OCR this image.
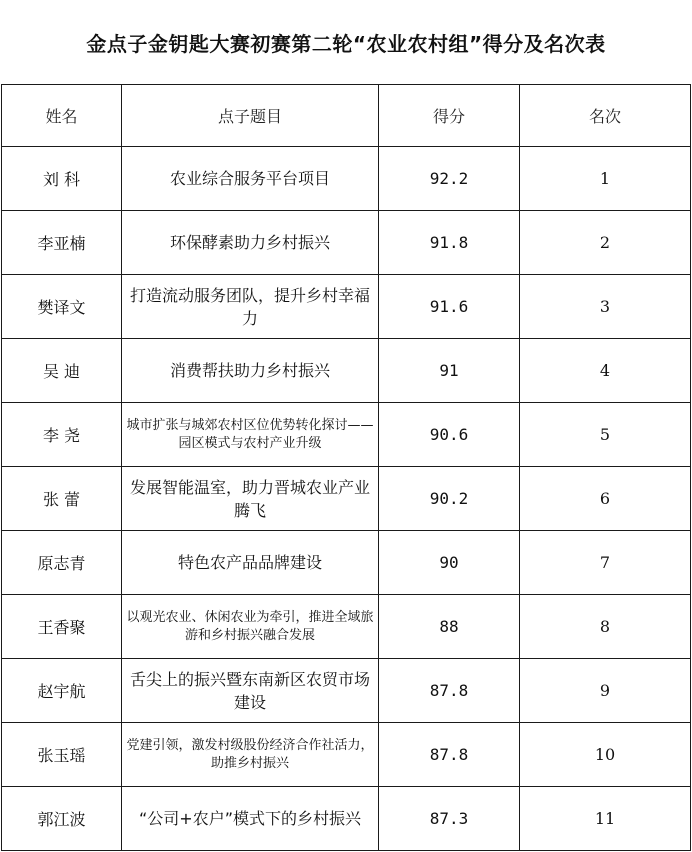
金点子金钥匙大赛初赛第二轮“农业农村组”得分及名次表
姓名	点子题目	得分	名次
刘 科	农业综合服务平台项目	92.2	1
李亚楠	环保酵素助力乡村振兴	91.8	2
樊译文	打造流动服务团队，提升乡村幸福力	91.6	3
吴 迪	消费帮扶助力乡村振兴	91	4
李 尧	城市扩张与城郊农村区位优势转化探讨——园区模式与农村产业升级	90.6	5
张 蕾	发展智能温室，助力晋城农业产业腾飞	90.2	6
原志青	特色农产品品牌建设	90	7
王香聚	以观光农业、休闲农业为牵引，推进全域旅游和乡村振兴融合发展	88	8
赵宇航	舌尖上的振兴暨东南新区农贸市场建设	87.8	9
张玉瑶	党建引领，激发村级股份经济合作社活力，助推乡村振兴	87.8	10
郭江波	“公司+农户”模式下的乡村振兴	87.3	11
